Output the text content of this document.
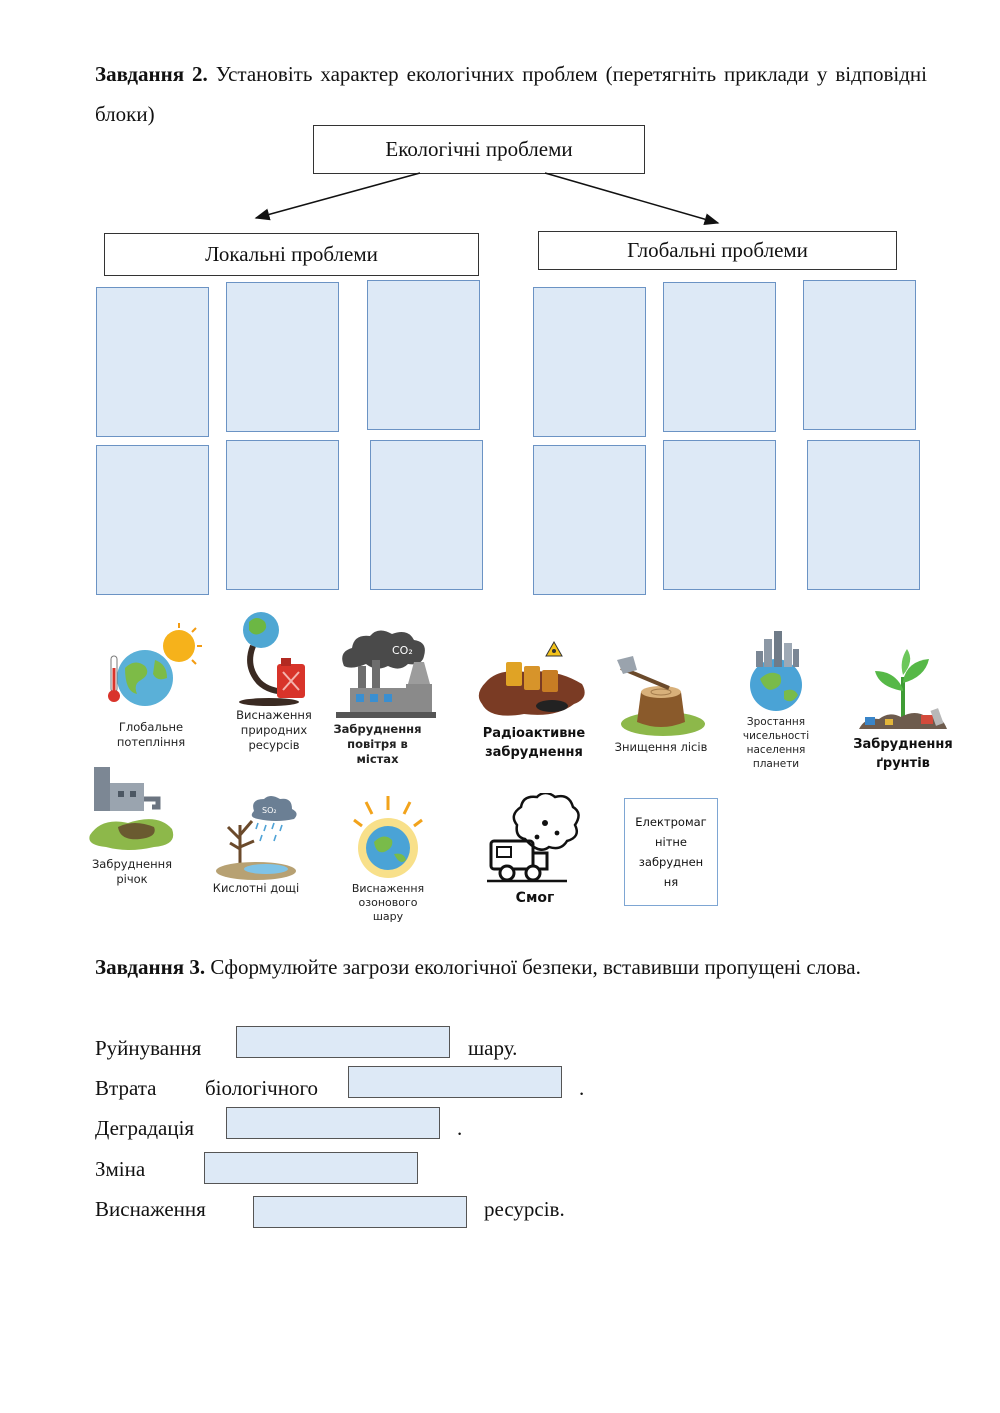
Завдання 2. Установіть характер екологічних проблем (перетягніть приклади у відповідні блоки)
Екологічні проблеми
Локальні проблеми	Глобальні проблеми
Глобальне потепління
Виснаження природних ресурсів
CO₂
Забруднення повітря в містах
Радіоактивне забруднення	Знищення лісів
Зростання чисельності населення планети
Забруднення ґрунтів
Забруднення річок
SO₂
Кислотні дощі	Виснаження озонового шару
Смог
Електромаг
нітне
забруднен
ня
Завдання 3. Сформулюйте загрози екологічної безпеки, вставивши пропущені слова.
Руйнування	шару.
Втрата біологічного	.
Деградація	.
Зміна
Виснаження	ресурсів.
